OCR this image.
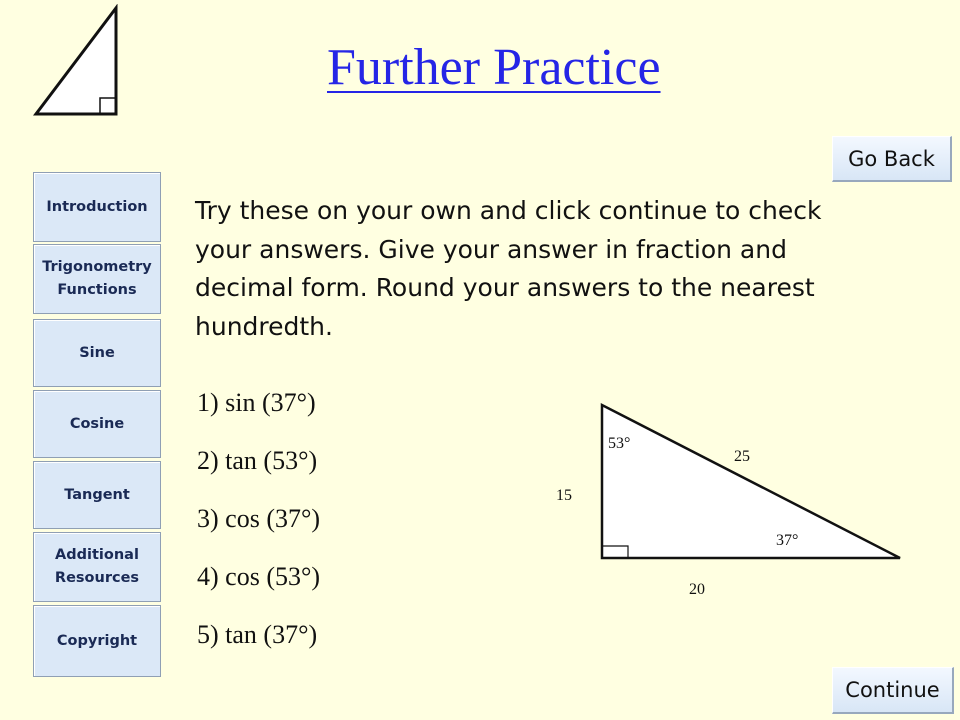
Further Practice
Go Back
Introduction
Trigonometry Functions
Sine
Cosine
Tangent
Additional Resources
Copyright
Try these on your own and click continue to check your answers. Give your answer in fraction and decimal form. Round your answers to the nearest hundredth.
1) sin (37°)
2) tan (53°)
3) cos (37°)
4) cos (53°)
5) tan (37°)
53°
25
15
37°
20
Continue
